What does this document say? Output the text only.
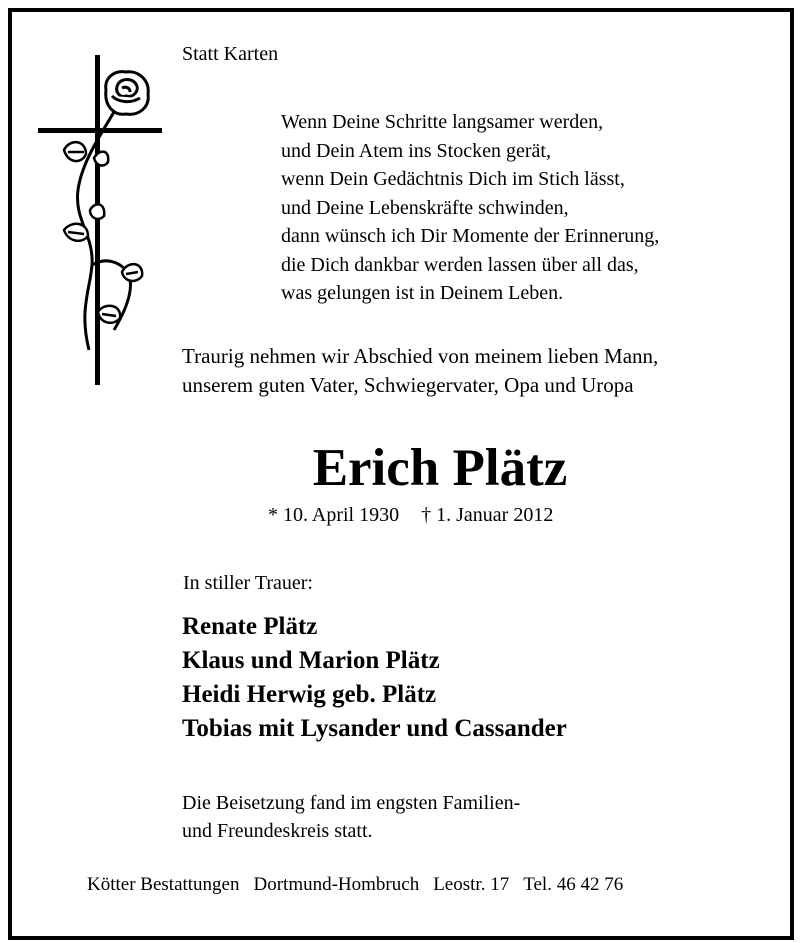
Statt Karten
Wenn Deine Schritte langsamer werden,
und Dein Atem ins Stocken gerät,
wenn Dein Gedächtnis Dich im Stich lässt,
und Deine Lebenskräfte schwinden,
dann wünsch ich Dir Momente der Erinnerung,
die Dich dankbar werden lassen über all das,
was gelungen ist in Deinem Leben.
Traurig nehmen wir Abschied von meinem lieben Mann,
unserem guten Vater, Schwiegervater, Opa und Uropa
Erich Plätz
* 10. April 1930 † 1. Januar 2012
In stiller Trauer:
Renate Plätz
Klaus und Marion Plätz
Heidi Herwig geb. Plätz
Tobias mit Lysander und Cassander
Die Beisetzung fand im engsten Familien-
und Freundeskreis statt.
Kötter Bestattungen Dortmund-Hombruch Leostr. 17 Tel. 46 42 76
